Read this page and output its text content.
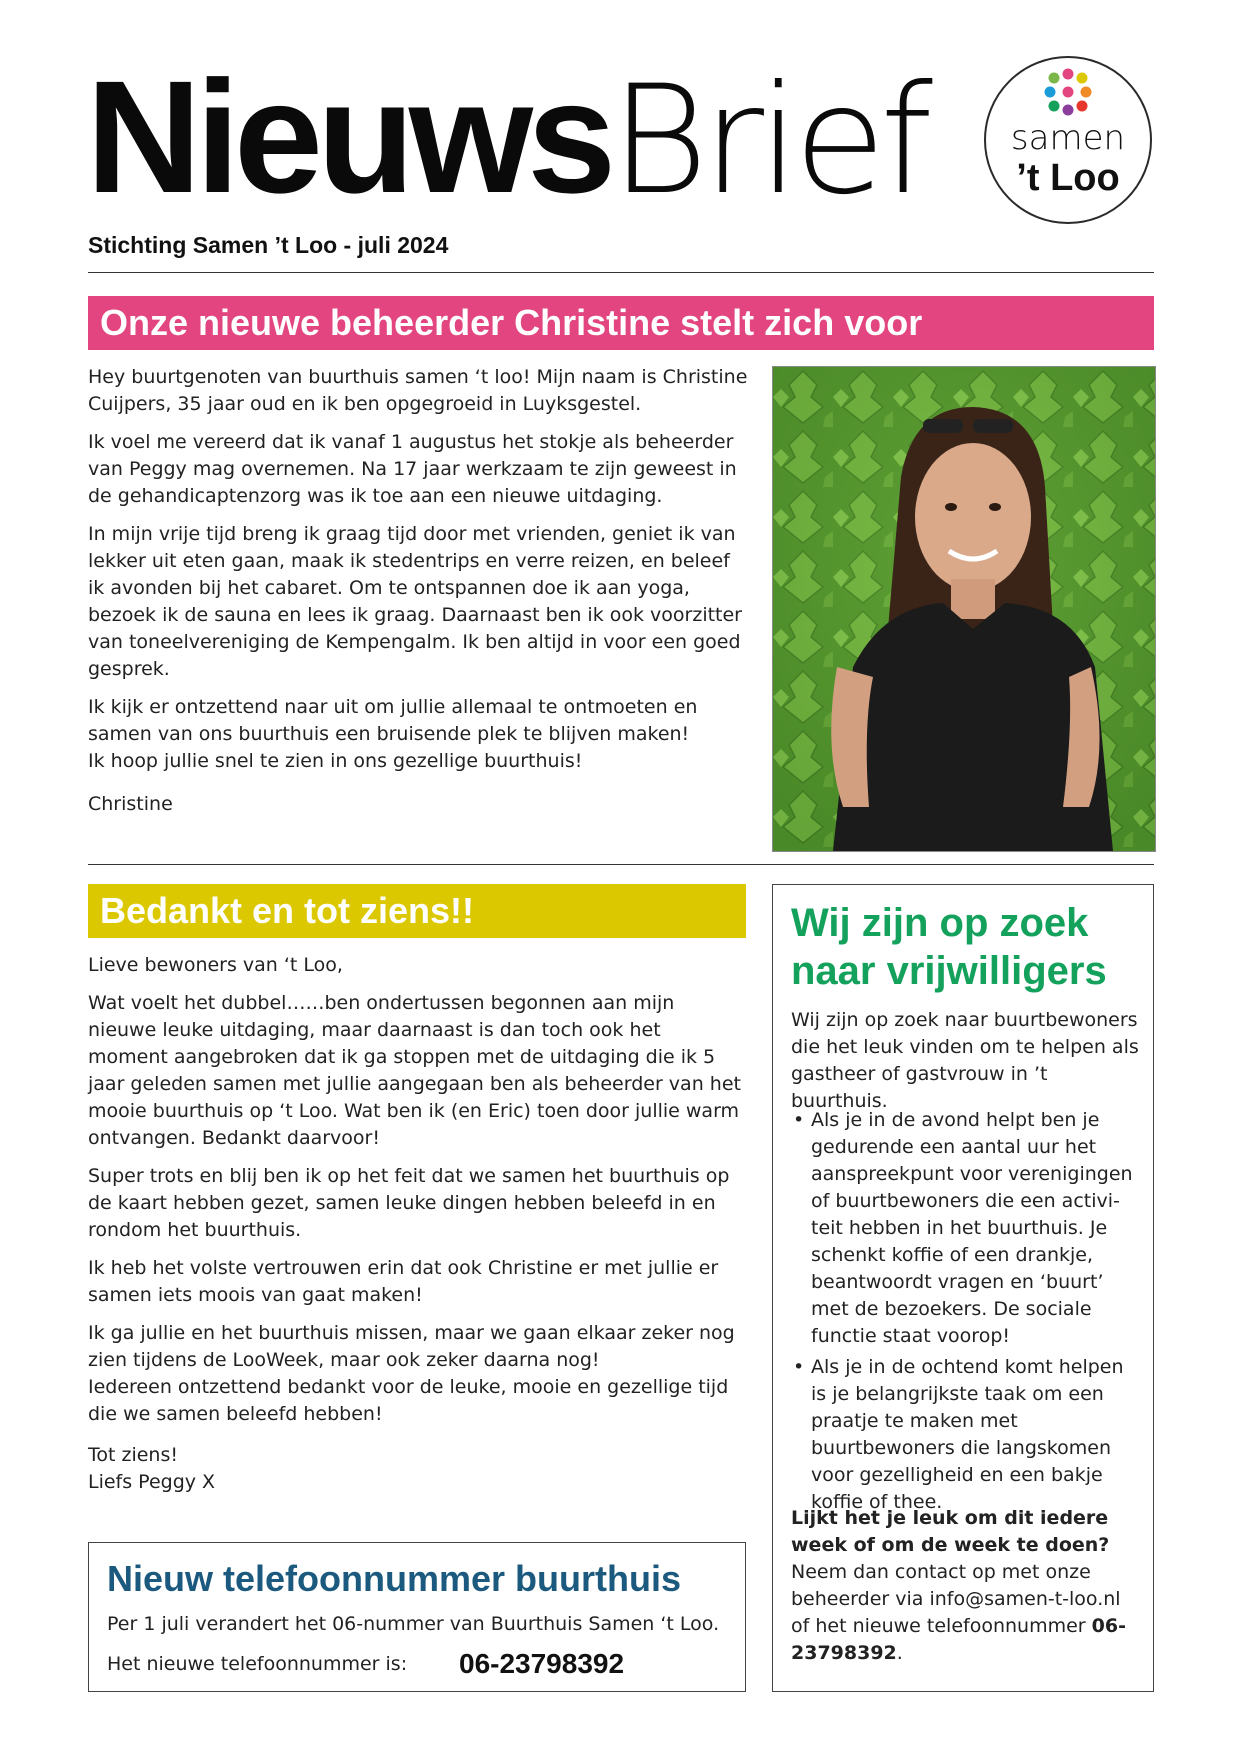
NieuwsBrief
Stichting Samen ’t Loo - juli 2024
samen
’t Loo
Onze nieuwe beheerder Christine stelt zich voor

Hey buurtgenoten van buurthuis samen ‘t loo! Mijn naam is Christine Cuijpers, 35 jaar oud en ik ben opgegroeid in Luyksgestel.

Ik voel me vereerd dat ik vanaf 1 augustus het stokje als beheerder van Peggy mag overnemen. Na 17 jaar werkzaam te zijn geweest in de gehandicaptenzorg was ik toe aan een nieuwe uitdaging.

In mijn vrije tijd breng ik graag tijd door met vrienden, geniet ik van lekker uit eten gaan, maak ik stedentrips en verre reizen, en beleef ik avonden bij het cabaret. Om te ontspannen doe ik aan yoga, bezoek ik de sauna en lees ik graag. Daarnaast ben ik ook voorzitter van toneelvereniging de Kempengalm. Ik ben altijd in voor een goed gesprek.

Ik kijk er ontzettend naar uit om jullie allemaal te ontmoeten en samen van ons buurthuis een bruisende plek te blijven maken!

Ik hoop jullie snel te zien in ons gezellige buurthuis!

Christine

Bedankt en tot ziens!!

Lieve bewoners van ‘t Loo,

Wat voelt het dubbel……ben ondertussen begonnen aan mijn nieuwe leuke uitdaging, maar daarnaast is dan toch ook het moment aangebroken dat ik ga stoppen met de uitdaging die ik 5 jaar geleden samen met jullie aangegaan ben als beheerder van het mooie buurthuis op ‘t Loo. Wat ben ik (en Eric) toen door jullie warm ontvangen. Bedankt daarvoor!

Super trots en blij ben ik op het feit dat we samen het buurthuis op de kaart hebben gezet, samen leuke dingen hebben beleefd in en rondom het buurthuis.

Ik heb het volste vertrouwen erin dat ook Christine er met jullie er samen iets moois van gaat maken!

Ik ga jullie en het buurthuis missen, maar we gaan elkaar zeker nog zien tijdens de LooWeek, maar ook zeker daarna nog!

Iedereen ontzettend bedankt voor de leuke, mooie en gezellige tijd die we samen beleefd hebben!

Tot ziens!

Liefs Peggy X

Nieuw telefoonnummer buurthuis
Per 1 juli verandert het 06-nummer van Buurthuis Samen ‘t Loo.
Het nieuwe telefoonnummer is: 06-23798392
Wij zijn op zoek
naar vrijwilligers
Wij zijn op zoek naar buurtbewoners die het leuk vinden om te helpen als gastheer of gastvrouw in ’t buurthuis.
• Als je in de avond helpt ben je gedurende een aantal uur het aanspreekpunt voor verenigingen of buurtbewoners die een activi-teit hebben in het buurthuis. Je schenkt koffie of een drankje, beantwoordt vragen en ‘buurt’ met de bezoekers. De sociale functie staat voorop!
• Als je in de ochtend komt helpen is je belangrijkste taak om een praatje te maken met buurtbewoners die langskomen voor gezelligheid en een bakje koffie of thee.
Lijkt het je leuk om dit iedere week of om de week te doen?
Neem dan contact op met onze beheerder via info@samen-t-loo.nl of het nieuwe telefoonnummer 06-23798392.
